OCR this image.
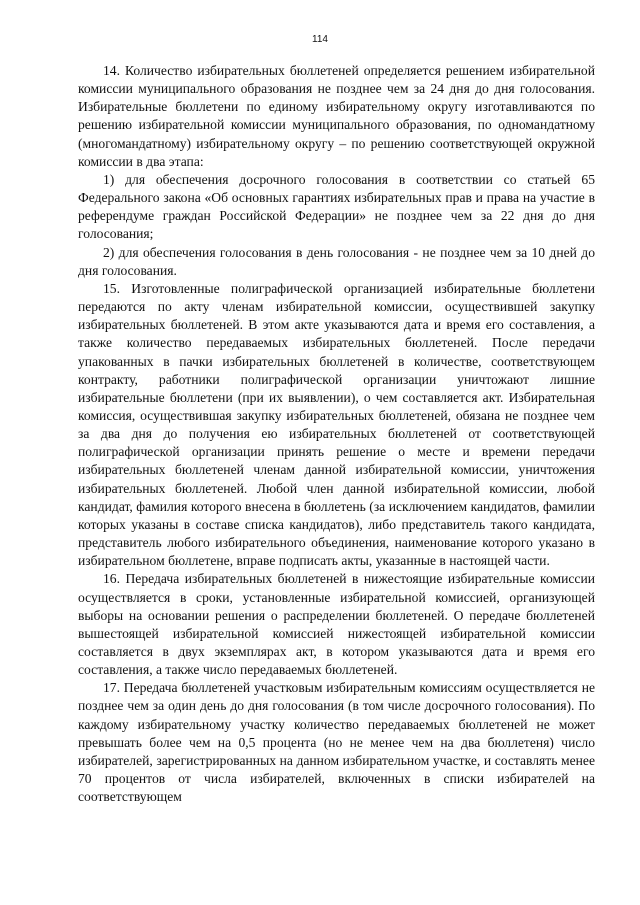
114

14. Количество избирательных бюллетеней определяется решением избирательной комиссии муниципального образования не позднее чем за 24 дня до дня голосования. Избирательные бюллетени по единому избирательному округу изготавливаются по решению избирательной комиссии муниципального образования, по одномандатному (многомандатному) избирательному округу – по решению соответствующей окружной комиссии в два этапа:

1) для обеспечения досрочного голосования в соответствии со статьей 65 Федерального закона «Об основных гарантиях избирательных прав и права на участие в референдуме граждан Российской Федерации» не позднее чем за 22 дня до дня голосования;

2) для обеспечения голосования в день голосования - не позднее чем за 10 дней до дня голосования.

15. Изготовленные полиграфической организацией избирательные бюллетени передаются по акту членам избирательной комиссии, осуществившей закупку избирательных бюллетеней. В этом акте указываются дата и время его составления, а также количество передаваемых избирательных бюллетеней. После передачи упакованных в пачки избирательных бюллетеней в количестве, соответствующем контракту, работники полиграфической организации уничтожают лишние избирательные бюллетени (при их выявлении), о чем составляется акт. Избирательная комиссия, осуществившая закупку избирательных бюллетеней, обязана не позднее чем за два дня до получения ею избирательных бюллетеней от соответствующей полиграфической организации принять решение о месте и времени передачи избирательных бюллетеней членам данной избирательной комиссии, уничтожения избирательных бюллетеней. Любой член данной избирательной комиссии, любой кандидат, фамилия которого внесена в бюллетень (за исключением кандидатов, фамилии которых указаны в составе списка кандидатов), либо представитель такого кандидата, представитель любого избирательного объединения, наименование которого указано в избирательном бюллетене, вправе подписать акты, указанные в настоящей части.

16. Передача избирательных бюллетеней в нижестоящие избирательные комиссии осуществляется в сроки, установленные избирательной комиссией, организующей выборы на основании решения о распределении бюллетеней. О передаче бюллетеней вышестоящей избирательной комиссией нижестоящей избирательной комиссии составляется в двух экземплярах акт, в котором указываются дата и время его составления, а также число передаваемых бюллетеней.

17. Передача бюллетеней участковым избирательным комиссиям осуществляется не позднее чем за один день до дня голосования (в том числе досрочного голосования). По каждому избирательному участку количество передаваемых бюллетеней не может превышать более чем на 0,5 процента (но не менее чем на два бюллетеня) число избирателей, зарегистрированных на данном избирательном участке, и составлять менее 70 процентов от числа избирателей, включенных в списки избирателей на соответствующем
